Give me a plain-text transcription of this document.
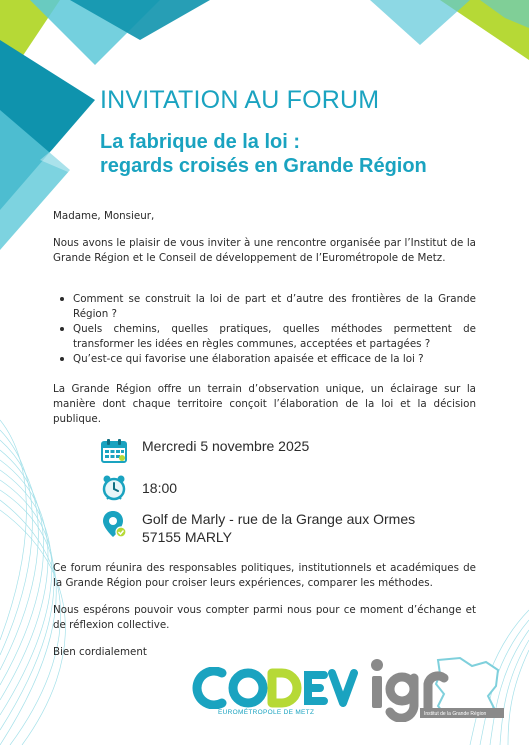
INVITATION AU FORUM
La fabrique de la loi :
regards croisés en Grande Région

Madame, Monsieur,

Nous avons le plaisir de vous inviter à une rencontre organisée par l’Institut de la Grande Région et le Conseil de développement de l’Eurométropole de Metz.

Comment se construit la loi de part et d’autre des frontières de la Grande Région ?
Quels chemins, quelles pratiques, quelles méthodes permettent de transformer les idées en règles communes, acceptées et partagées ?
Qu’est-ce qui favorise une élaboration apaisée et efficace de la loi ?

La Grande Région offre un terrain d’observation unique, un éclairage sur la manière dont chaque territoire conçoit l’élaboration de la loi et la décision publique.

Mercredi 5 novembre 2025
18:00
Golf de Marly - rue de la Grange aux Ormes
57155 MARLY

Ce forum réunira des responsables politiques, institutionnels et académiques de la Grande Région pour croiser leurs expériences, comparer les méthodes.

Nous espérons pouvoir vous compter parmi nous pour ce moment d’échange et de réflexion collective.

Bien cordialement

EUROMÉTROPOLE DE METZ	Institut de la Grande Région
